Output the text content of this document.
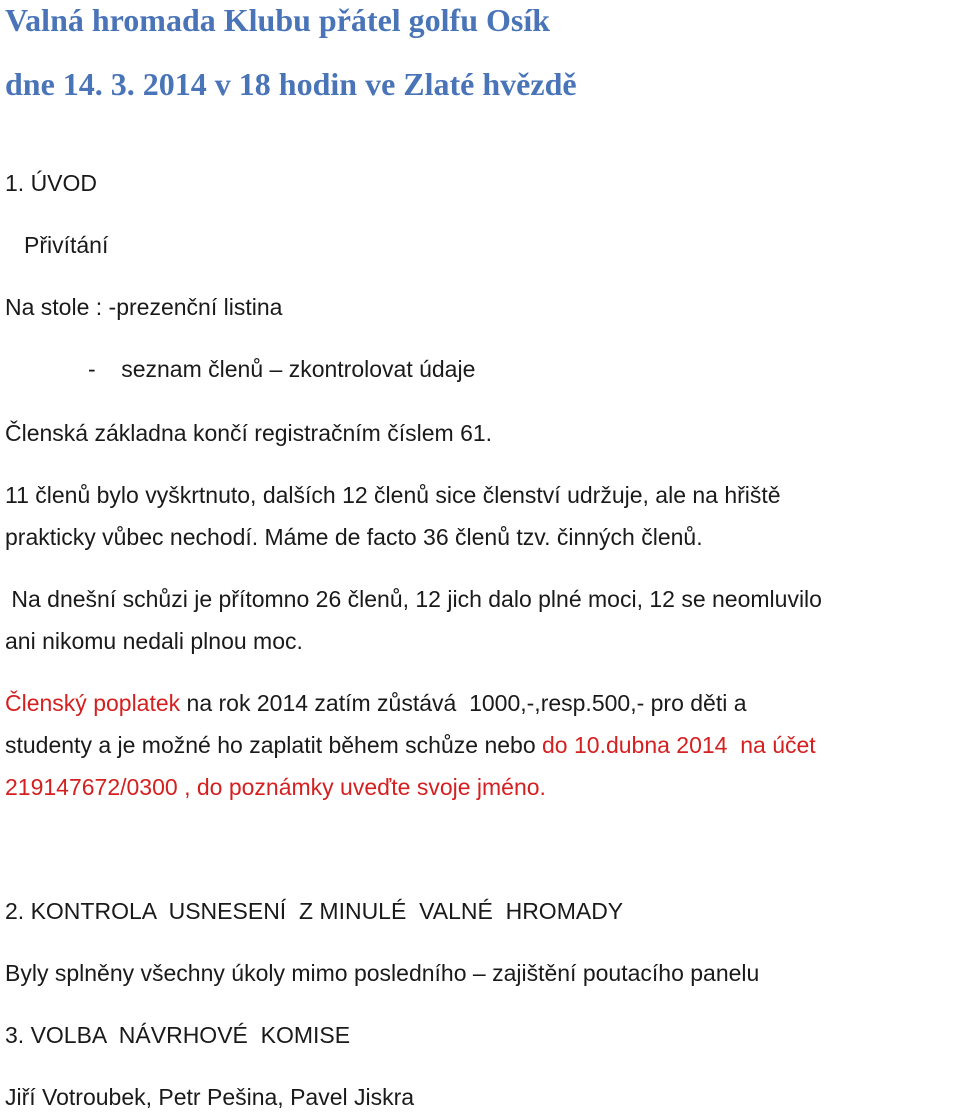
Valná hromada Klubu přátel golfu Osík
dne 14. 3. 2014 v 18 hodin ve Zlaté hvězdě

1. ÚVOD

Přivítání

Na stole : -prezenční listina

-    seznam členů – zkontrolovat údaje

Členská základna končí registračním číslem 61.

11 členů bylo vyškrtnuto, dalších 12 členů sice členství udržuje, ale na hřiště

prakticky vůbec nechodí. Máme de facto 36 členů tzv. činných členů.

Na dnešní schůzi je přítomno 26 členů, 12 jich dalo plné moci, 12 se neomluvilo

ani nikomu nedali plnou moc.

Členský poplatek na rok 2014 zatím zůstává  1000,-,resp.500,- pro děti a

studenty a je možné ho zaplatit během schůze nebo do 10.dubna 2014  na účet

219147672/0300 , do poznámky uveďte svoje jméno.

2. KONTROLA  USNESENÍ  Z MINULÉ  VALNÉ  HROMADY

Byly splněny všechny úkoly mimo posledního – zajištění poutacího panelu

3. VOLBA  NÁVRHOVÉ  KOMISE

Jiří Votroubek, Petr Pešina, Pavel Jiskra
